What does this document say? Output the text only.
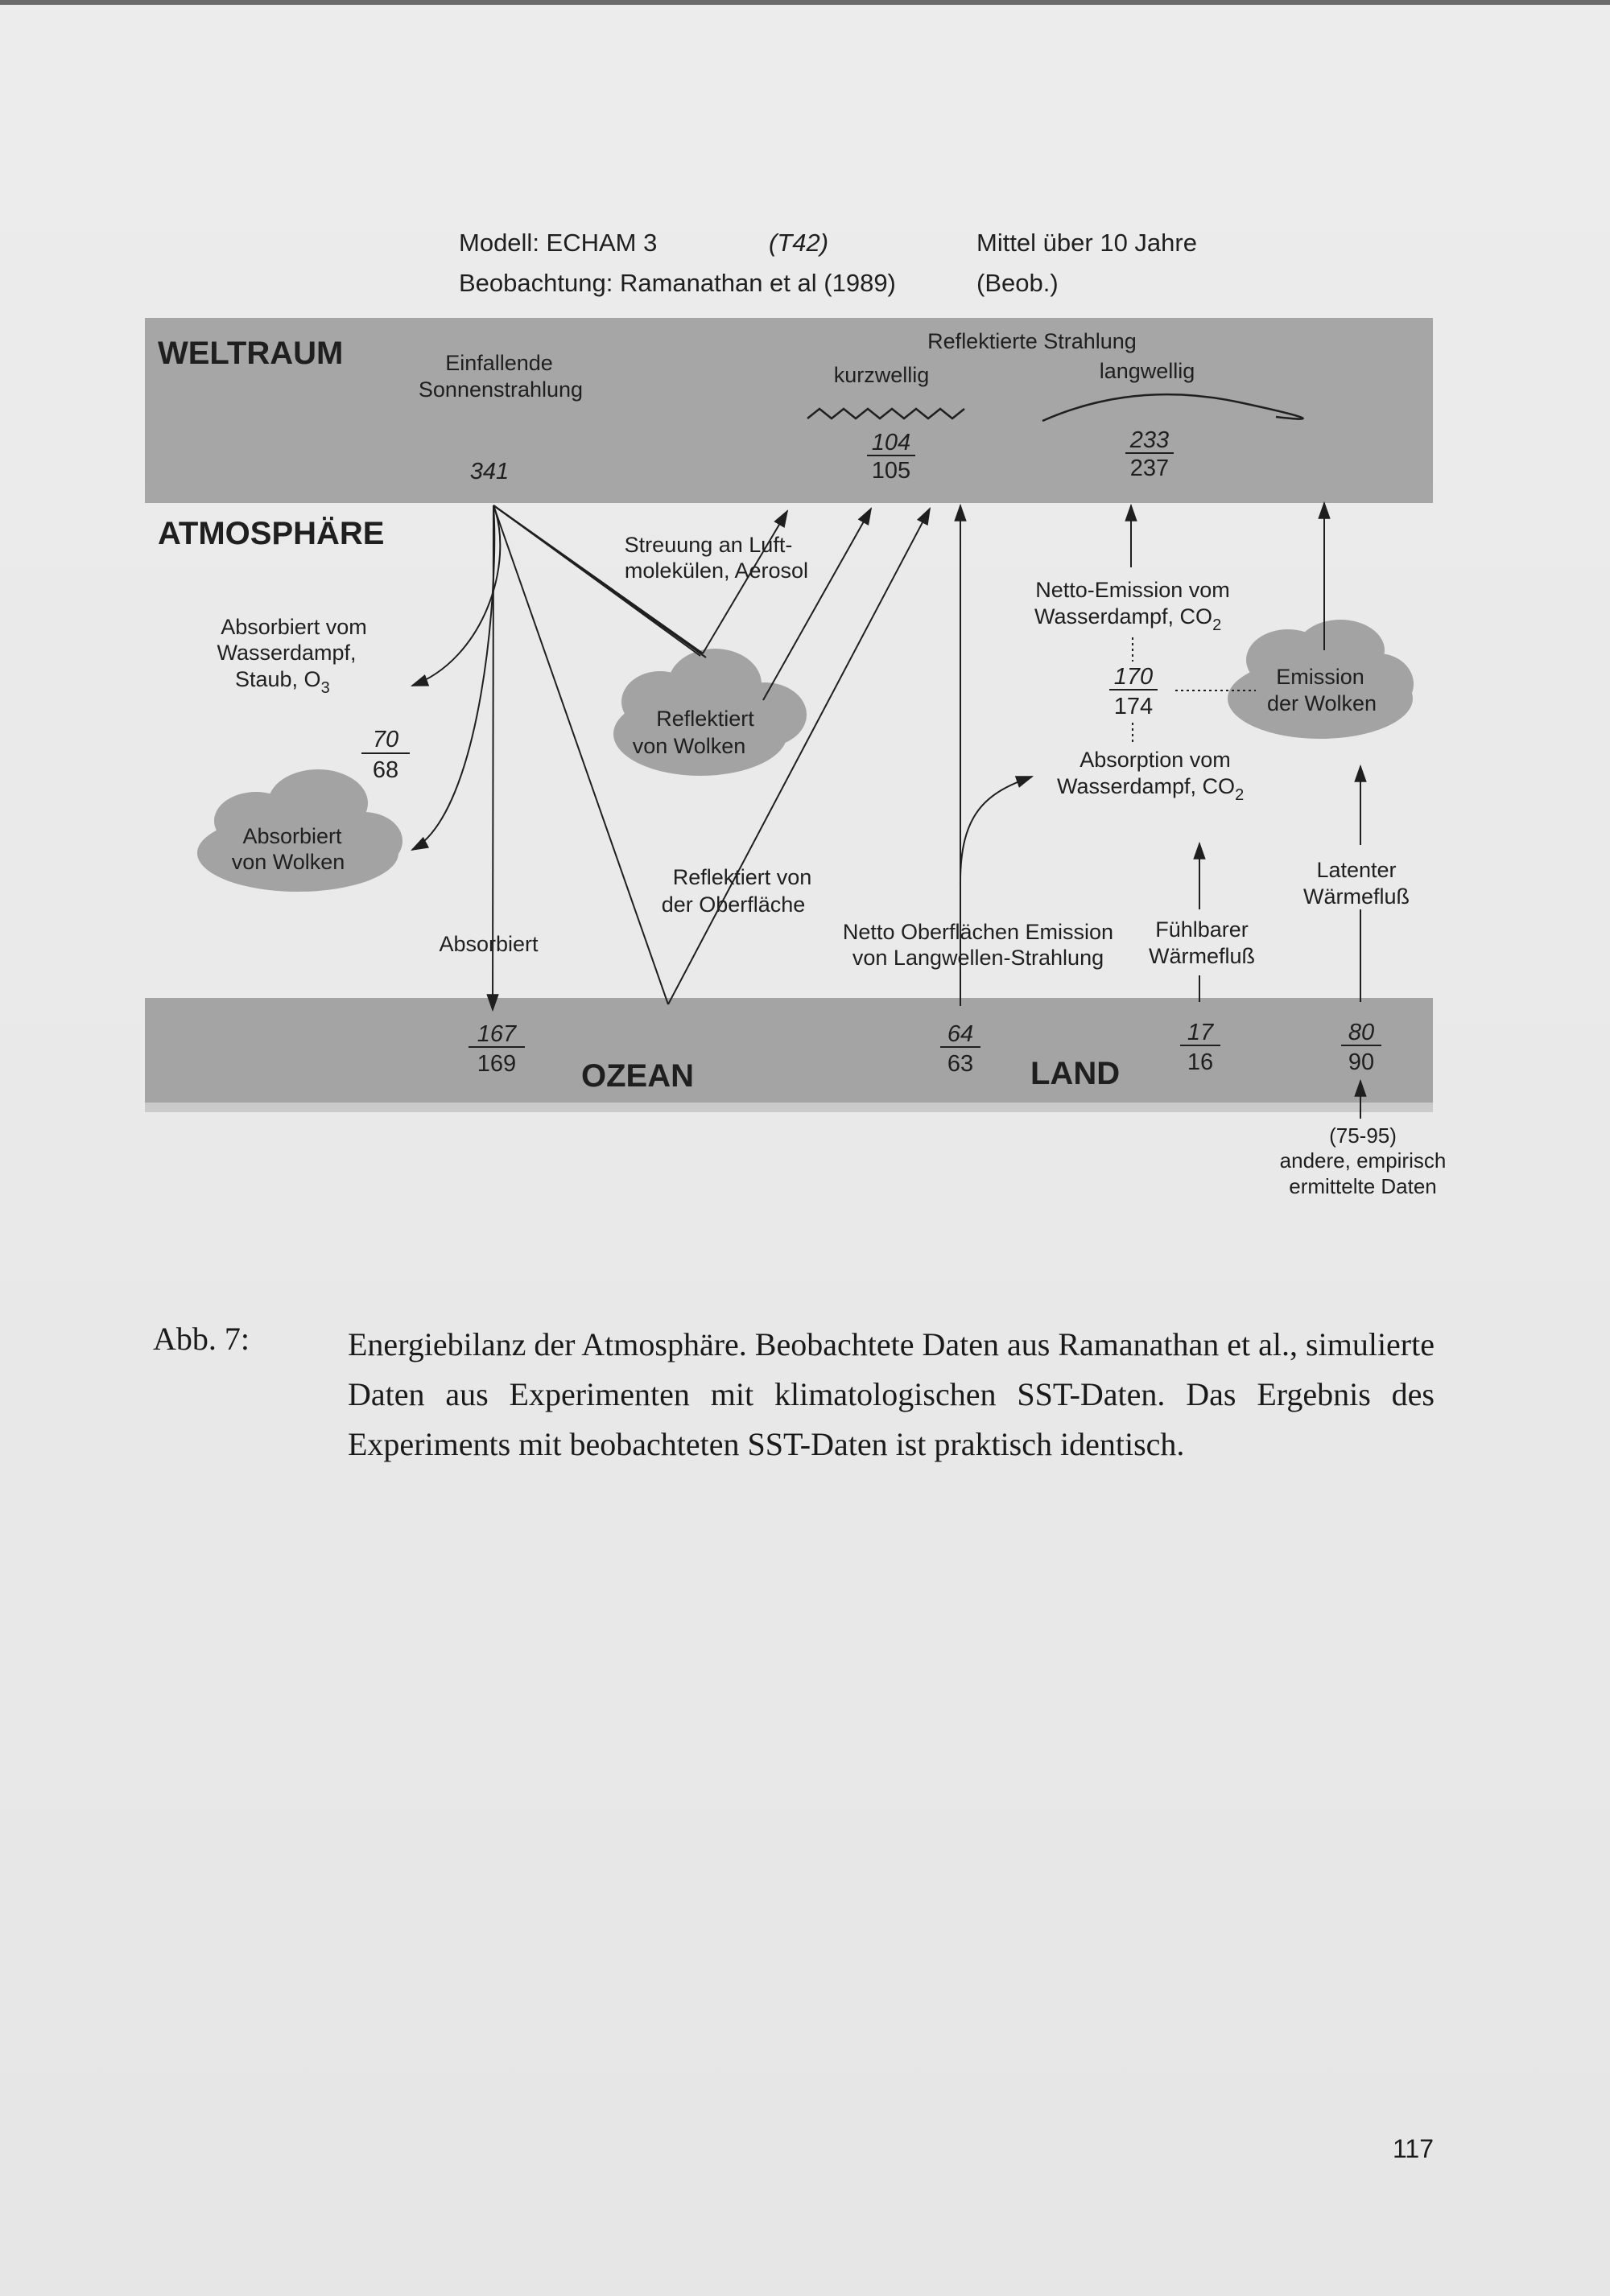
Modell: ECHAM 3	(T42)	Mittel über 10 Jahre
Beobachtung: Ramanathan et al (1989)	(Beob.)
WELTRAUM
ATMOSPHÄRE
OZEAN	LAND
Einfallende
Sonnenstrahlung
Reflektierte Strahlung
kurzwellig	langwellig
341
104
105
233
237
Streuung an Luft-
molekülen, Aerosol
Absorbiert vom
Wasserdampf,
Staub, $O_3$
70
68
Reflektiert
von Wolken
Absorbiert
von Wolken
Netto-Emission vom
Wasserdampf, $CO_2$
170
174
Emission
der Wolken
Absorption vom
Wasserdampf, $CO_2$
Reflektiert von
der Oberfläche
Absorbiert	Netto Oberflächen Emission
von Langwellen-Strahlung
Fühlbarer
Wärmefluß
Latenter
Wärmefluß
167
169
64
63
17
16
80
90
(75-95)
andere, empirisch
ermittelte Daten
Abb. 7:	Energiebilanz der Atmosphäre. Beobachtete Daten aus Ramanathan et al., simulierte Daten aus Experimenten mit klimatologischen SST-Daten. Das Ergebnis des Experiments mit beobachteten SST-Daten ist praktisch identisch.

117
